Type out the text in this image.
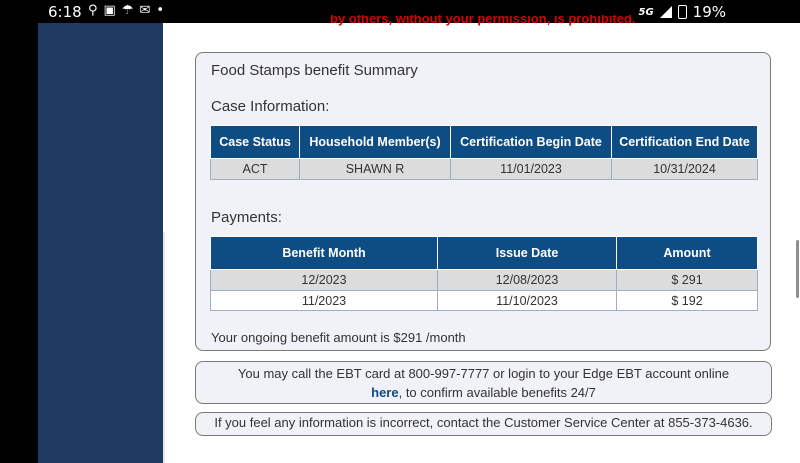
6:18 ⚲▣☂✉•	5G	19%
by others, without your permission, is prohibited.
Food Stamps benefit Summary
Case Information:
Case Status	Household Member(s)	Certification Begin Date	Certification End Date
ACT	SHAWN R	11/01/2023	10/31/2024
Payments:
Benefit Month	Issue Date	Amount
12/2023	12/08/2023	$ 291
11/2023	11/10/2023	$ 192
Your ongoing benefit amount is $291 /month
You may call the EBT card at 800-997-7777 or login to your Edge EBT account online here, to confirm available benefits 24/7
If you feel any information is incorrect, contact the Customer Service Center at 855-373-4636.
